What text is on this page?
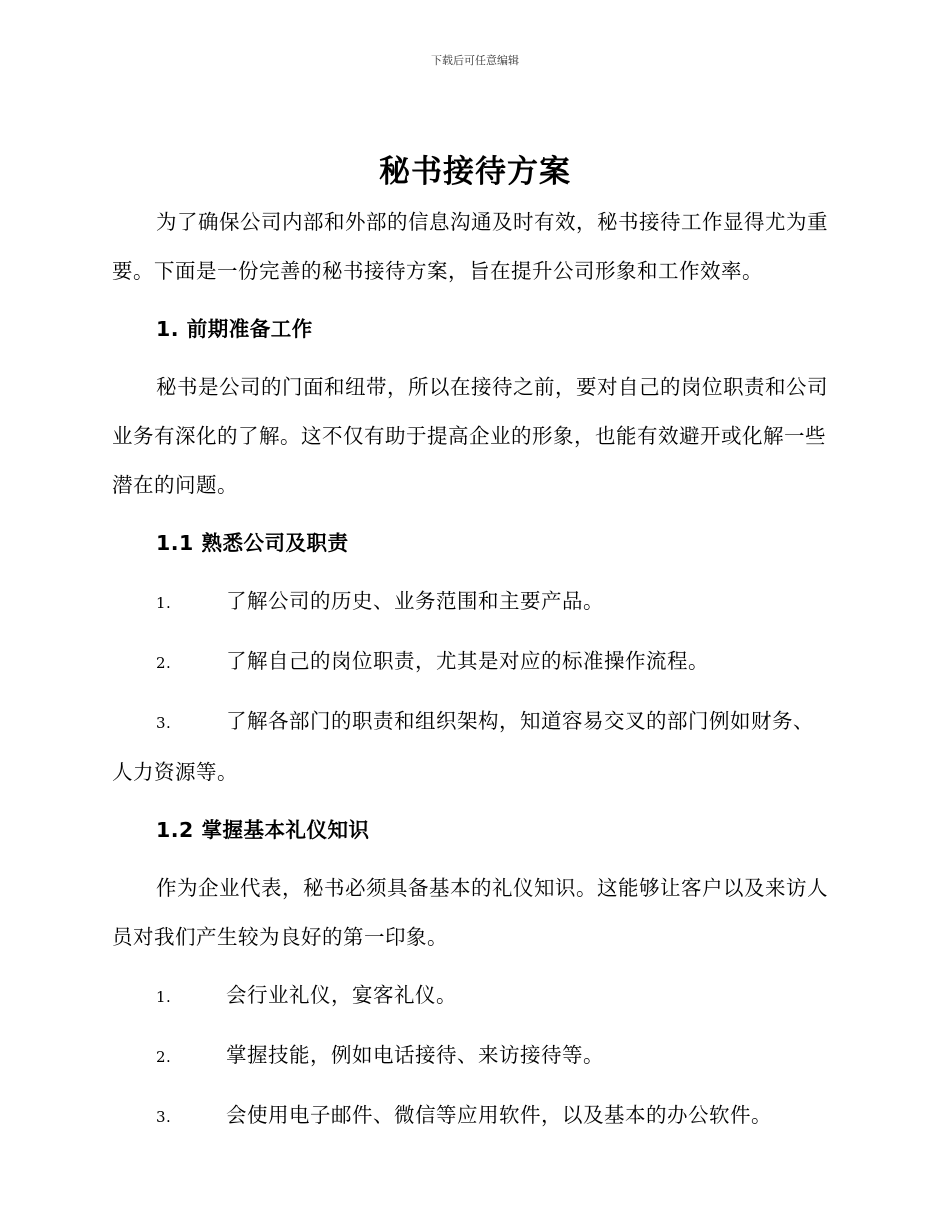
下载后可任意编辑
秘书接待方案

为了确保公司内部和外部的信息沟通及时有效，秘书接待工作显得尤为重要。下面是一份完善的秘书接待方案，旨在提升公司形象和工作效率。

1. 前期准备工作

秘书是公司的门面和纽带，所以在接待之前，要对自己的岗位职责和公司业务有深化的了解。这不仅有助于提高企业的形象，也能有效避开或化解一些潜在的问题。

1.1 熟悉公司及职责
1.	了解公司的历史、业务范围和主要产品。
2.	了解自己的岗位职责，尤其是对应的标准操作流程。
3.	了解各部门的职责和组织架构，知道容易交叉的部门例如财务、人力资源等。
1.2 掌握基本礼仪知识

作为企业代表，秘书必须具备基本的礼仪知识。这能够让客户以及来访人员对我们产生较为良好的第一印象。

1.	会行业礼仪，宴客礼仪。
2.	掌握技能，例如电话接待、来访接待等。
3.	会使用电子邮件、微信等应用软件，以及基本的办公软件。
